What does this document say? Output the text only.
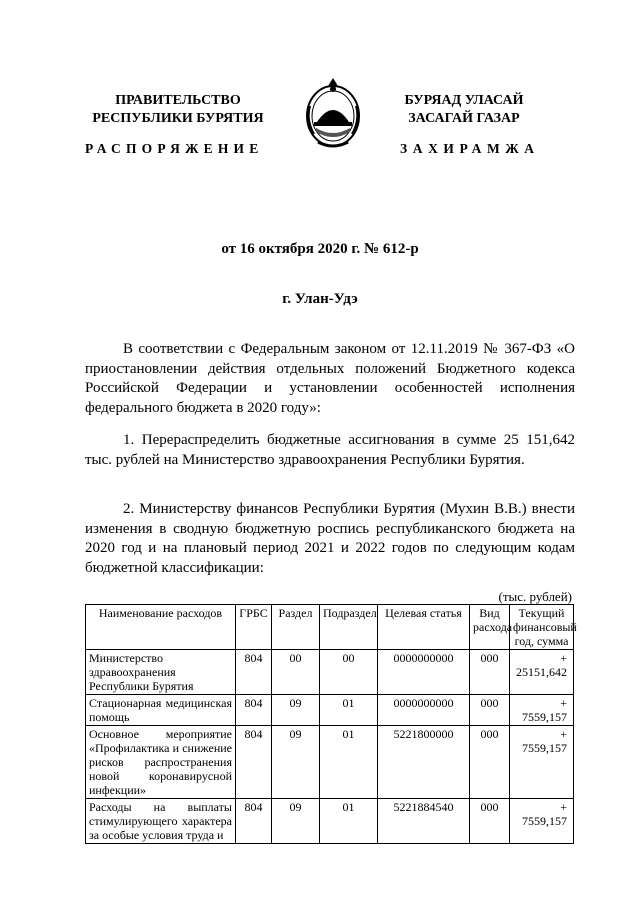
ПРАВИТЕЛЬСТВО
РЕСПУБЛИКИ БУРЯТИЯ
БУРЯАД УЛАСАЙ
ЗАСАГАЙ ГАЗАР
РАСПОРЯЖЕНИЕ	ЗАХИРАМЖА
от 16 октября 2020 г. № 612-р
г. Улан-Удэ
В соответствии с Федеральным законом от 12.11.2019 № 367-ФЗ «О приостановлении действия отдельных положений Бюджетного кодекса Российской Федерации и установлении особенностей исполнения федерального бюджета в 2020 году»:
1. Перераспределить бюджетные ассигнования в сумме 25 151,642 тыс. рублей на Министерство здравоохранения Республики Бурятия.
2. Министерству финансов Республики Бурятия (Мухин В.В.) внести изменения в сводную бюджетную роспись республиканского бюджета на 2020 год и на плановый период 2021 и 2022 годов по следующим кодам бюджетной классификации:
(тыс. рублей)
Наименование расходов	ГРБС	Раздел	Подраздел	Целевая статья	Вид расхода	Текущий финансовый год, сумма
Министерство здравоохранения Республики Бурятия	804	00	00	0000000000	000	+ 25151,642
Стационарная медицинская помощь	804	09	01	0000000000	000	+ 7559,157
Основное мероприятие «Профилактика и снижение рисков распространения новой коронавирусной инфекции»	804	09	01	5221800000	000	+ 7559,157
Расходы на выплаты стимулирующего характера за особые условия труда и	804	09	01	5221884540	000	+ 7559,157
